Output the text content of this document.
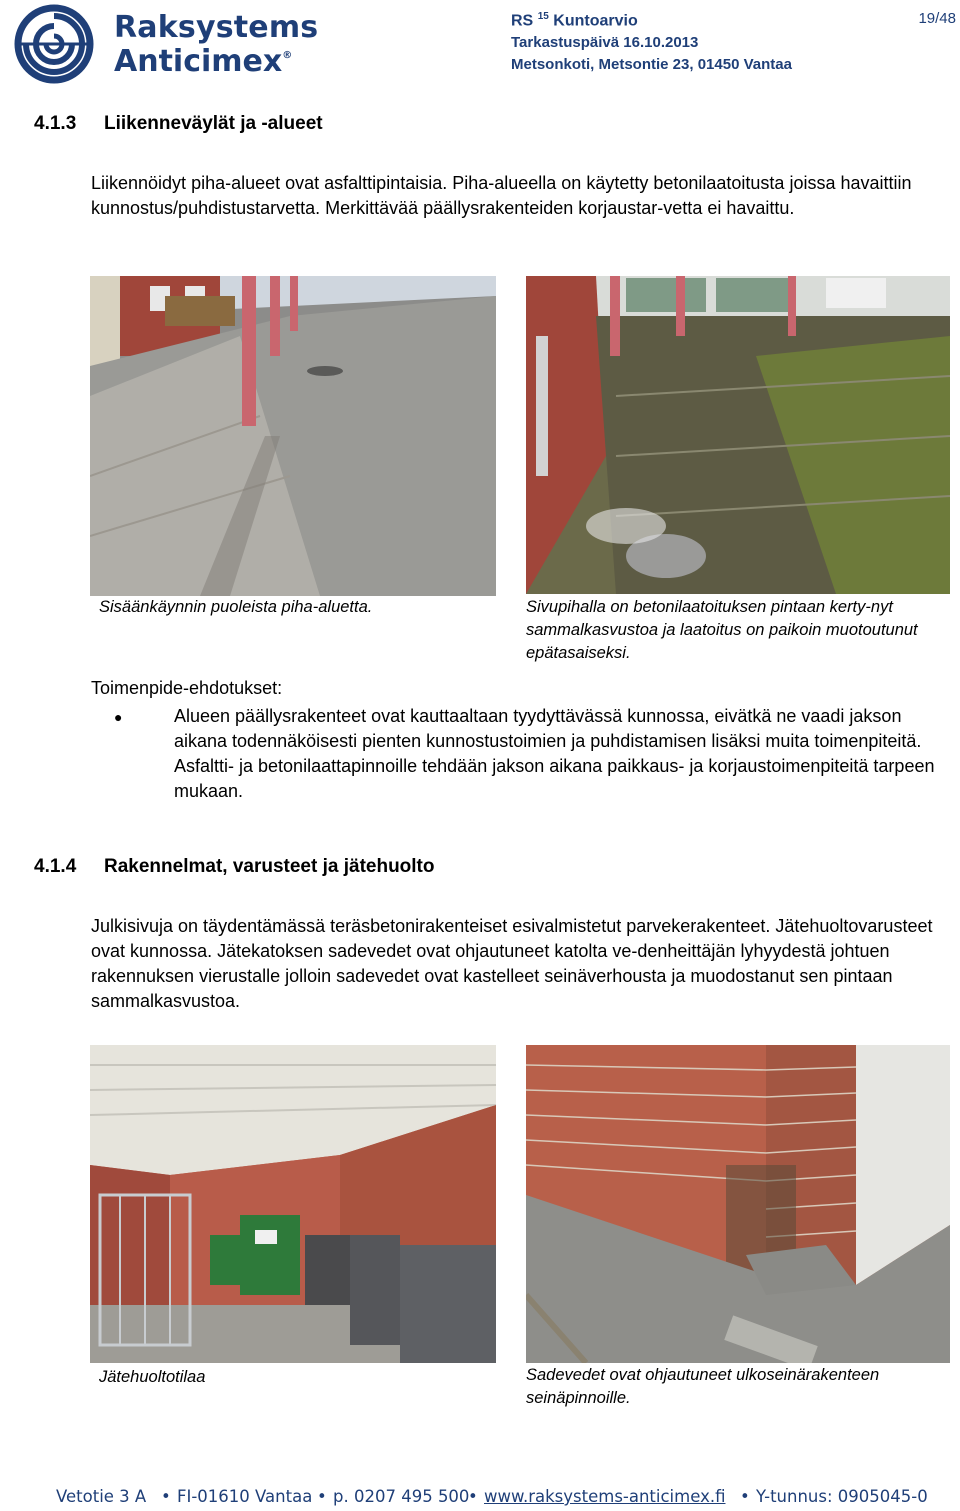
Raksystems
Anticimex®
RS $^{15}$ Kuntoarvio
Tarkastuspäivä 16.10.2013
Metsonkoti, Metsontie 23, 01450 Vantaa
19/48
4.1.3 Liikenneväylät ja -alueet
Liikennöidyt piha-alueet ovat asfalttipintaisia. Piha-alueella on käytetty betonilaatoitusta joissa havaittiin kunnostus/puhdistustarvetta. Merkittävää päällysrakenteiden korjaustar-vetta ei havaittu.
Sisäänkäynnin puoleista piha-aluetta.	Sivupihalla on betonilaatoituksen pintaan kerty-nyt sammalkasvustoa ja laatoitus on paikoin muotoutunut epätasaiseksi.
Toimenpide-ehdotukset:
●	Alueen päällysrakenteet ovat kauttaaltaan tyydyttävässä kunnossa, eivätkä ne vaadi jakson aikana todennäköisesti pienten kunnostustoimien ja puhdistamisen lisäksi muita toimenpiteitä. Asfaltti- ja betonilaattapinnoille tehdään jakson aikana paikkaus- ja korjaustoimenpiteitä tarpeen mukaan.
4.1.4 Rakennelmat, varusteet ja jätehuolto
Julkisivuja on täydentämässä teräsbetonirakenteiset esivalmistetut parvekerakenteet. Jätehuoltovarusteet ovat kunnossa. Jätekatoksen sadevedet ovat ohjautuneet katolta ve-denheittäjän lyhyydestä johtuen rakennuksen vierustalle jolloin sadevedet ovat kastelleet seinäverhousta ja muodostanut sen pintaan sammalkasvustoa.
Jätehuoltotilaa	Sadevedet ovat ohjautuneet ulkoseinärakenteen seinäpinnoille.
Vetotie 3 A • FI-01610 Vantaa • p. 0207 495 500
• www.raksystems-anticimex.fi • Y-tunnus: 0905045-0
